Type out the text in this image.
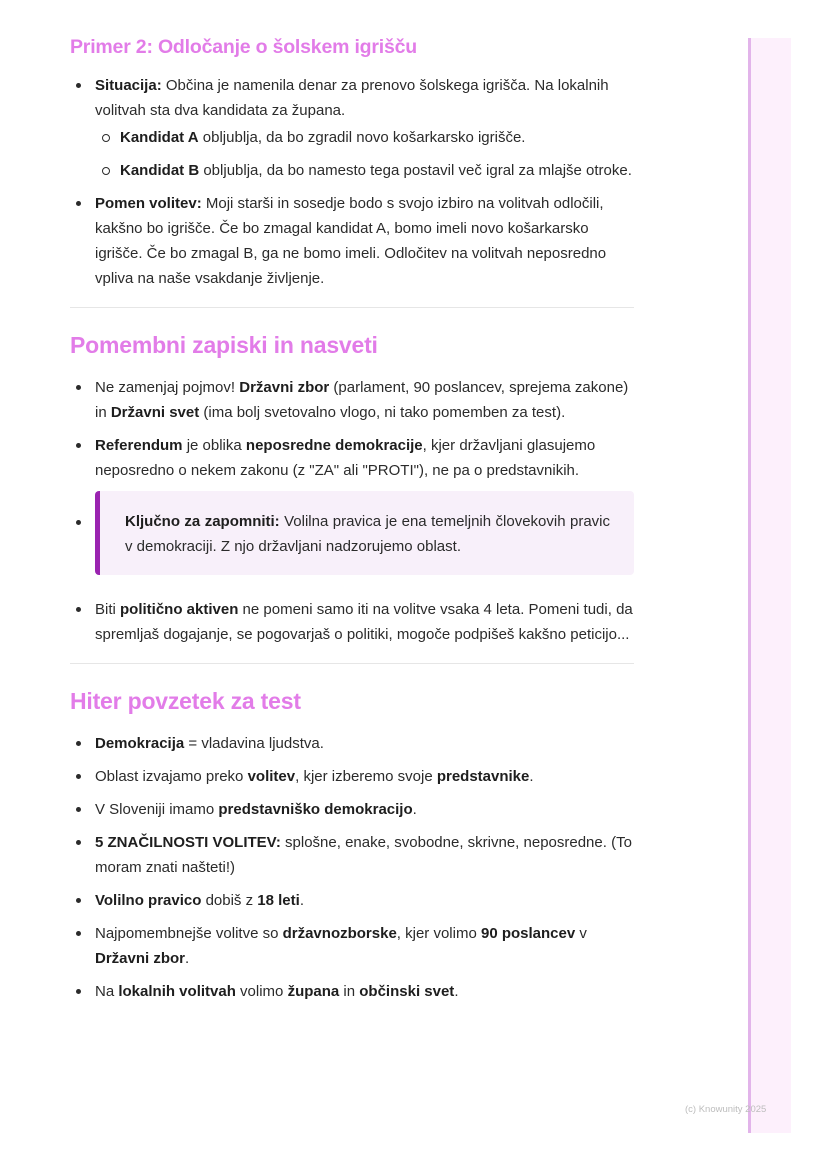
Primer 2: Odločanje o šolskem igrišču
Situacija: Občina je namenila denar za prenovo šolskega igrišča. Na lokalnih volitvah sta dva kandidata za župana.
Kandidat A obljublja, da bo zgradil novo košarkarsko igrišče.
Kandidat B obljublja, da bo namesto tega postavil več igral za mlajše otroke.
Pomen volitev: Moji starši in sosedje bodo s svojo izbiro na volitvah odločili, kakšno bo igrišče. Če bo zmagal kandidat A, bomo imeli novo košarkarsko igrišče. Če bo zmagal B, ga ne bomo imeli. Odločitev na volitvah neposredno vpliva na naše vsakdanje življenje.
Pomembni zapiski in nasveti
Ne zamenjaj pojmov! Državni zbor (parlament, 90 poslancev, sprejema zakone) in Državni svet (ima bolj svetovalno vlogo, ni tako pomemben za test).
Referendum je oblika neposredne demokracije, kjer državljani glasujemo neposredno o nekem zakonu (z "ZA" ali "PROTI"), ne pa o predstavnikih.
Ključno za zapomniti: Volilna pravica je ena temeljnih človekovih pravic v demokraciji. Z njo državljani nadzorujemo oblast.
Biti politično aktiven ne pomeni samo iti na volitve vsaka 4 leta. Pomeni tudi, da spremljaš dogajanje, se pogovarjaš o politiki, mogoče podpišeš kakšno peticijo...
Hiter povzetek za test
Demokracija = vladavina ljudstva.
Oblast izvajamo preko volitev, kjer izberemo svoje predstavnike.
V Sloveniji imamo predstavniško demokracijo.
5 ZNAČILNOSTI VOLITEV: splošne, enake, svobodne, skrivne, neposredne. (To moram znati našteti!)
Volilno pravico dobiš z 18 leti.
Najpomembnejše volitve so državnozborske, kjer volimo 90 poslancev v Državni zbor.
Na lokalnih volitvah volimo župana in občinski svet.
(c) Knowunity 2025
